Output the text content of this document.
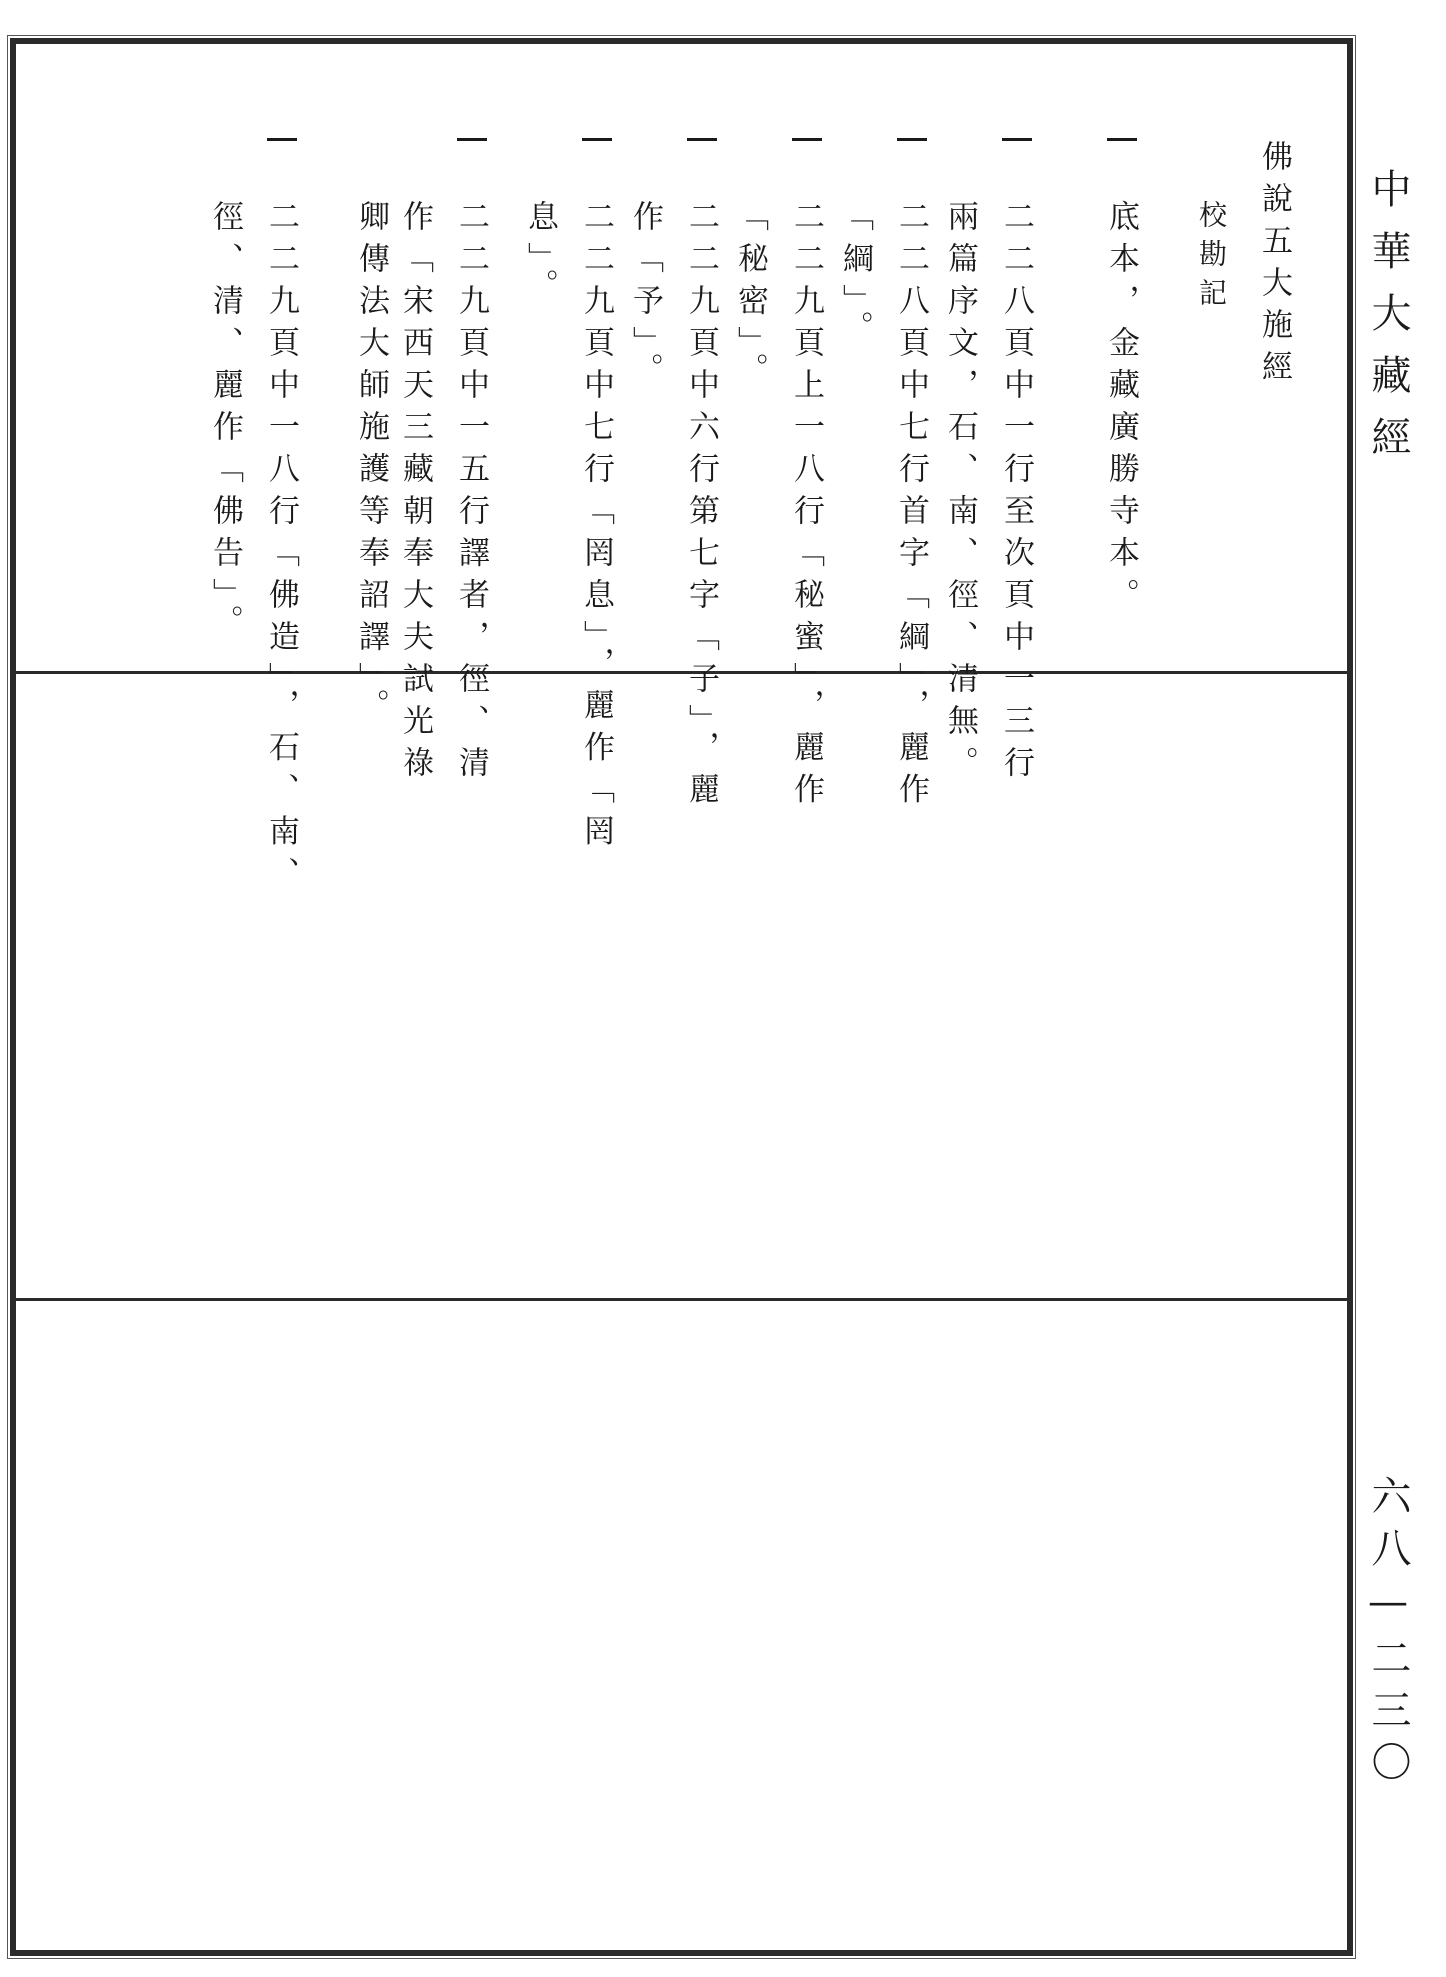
佛說五大施經
校勘記
底本，金藏廣勝寺本。
二二八頁中一行至次頁中一三行
兩篇序文，石、南、徑、清無。
二二八頁中七行首字「綱」，麗作
「綱」。
二二九頁上一八行「秘蜜」，麗作
「秘密」。
二二九頁中六行第七字「子」，麗
作「予」。
二二九頁中七行「罔息」，麗作「罔
息」。
二二九頁中一五行譯者，徑、清
作「宋西天三藏朝奉大夫試光祿
卿傳法大師施護等奉詔譯」。
二二九頁中一八行「佛造」，石、南、
徑、清、麗作「佛告」。	中華大藏經
六八—二三〇
